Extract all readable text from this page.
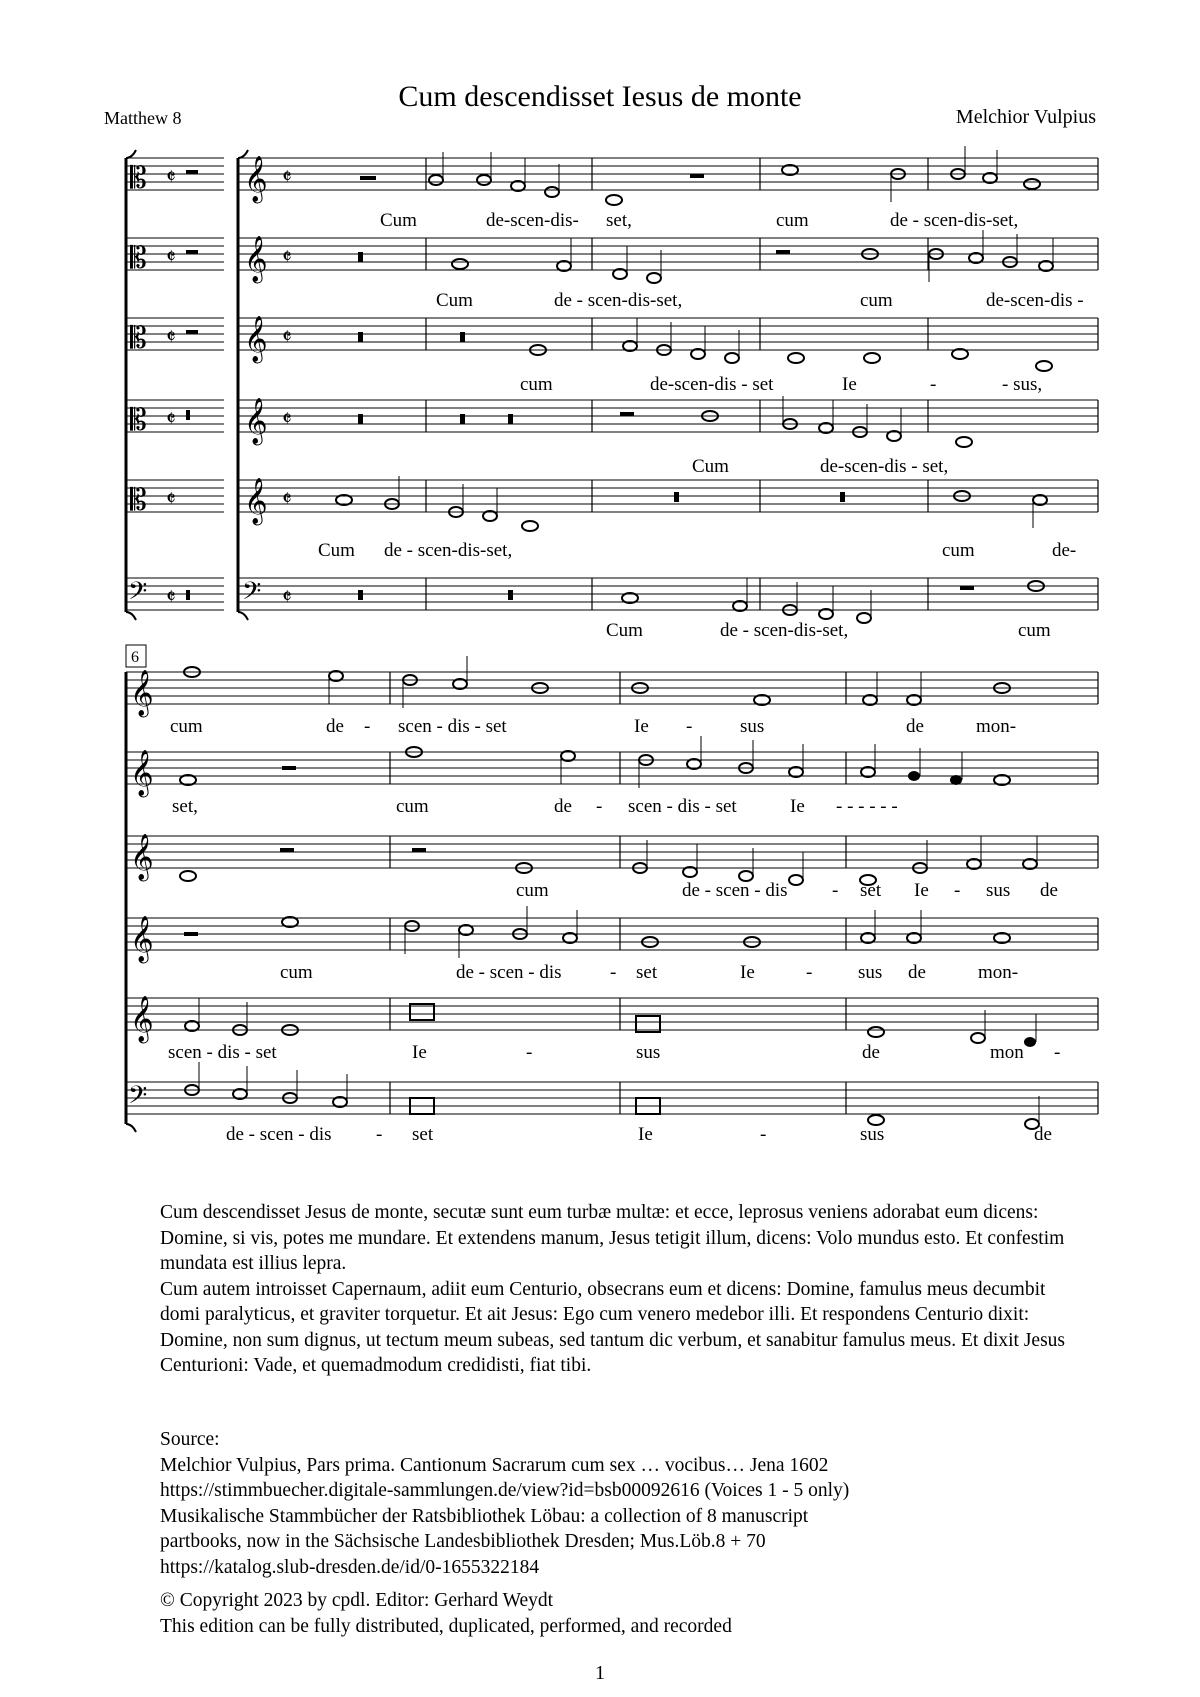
Cum descendisset Iesus de monte
Matthew 8	Melchior Vulpius
𝄡
𝄡
𝄡
𝄡
𝄡
𝄢
𝄞
𝄞
𝄞
𝄞
𝄞
𝄢
𝄵
𝄵
𝄵
𝄵
𝄵
𝄵
𝄵
𝄵
𝄵
𝄵
𝄵
𝄵
Cum	de-scen-dis- set,	cum	de - scen-dis-set,
Cum	de - scen-dis-set,	cum	de-scen-dis -
cum	de-scen-dis - set	Ie	-	- sus,
Cum	de-scen-dis - set,
Cum de - scen-dis-set,	cum	de-
Cum	de - scen-dis-set,	cum
𝄞
𝄞
𝄞
𝄞
𝄞
𝄢
6
cum	de - scen - dis - set	Ie -	sus	de	mon-
set,	cum	de - scen - dis - set	Ie - - - - - -
cum	de - scen - dis - set Ie - sus de
cum	de - scen - dis	- set	Ie	- sus de	mon-
scen - dis - set	Ie	-	sus	de	mon -
de - scen - dis - set	Ie	-	sus	de

Cum descendisset Jesus de monte, secutæ sunt eum turbæ multæ: et ecce, leprosus veniens adorabat eum dicens: Domine, si vis, potes me mundare. Et extendens manum, Jesus tetigit illum, dicens: Volo mundus esto. Et confestim mundata est illius lepra.

Cum autem introisset Capernaum, adiit eum Centurio, obsecrans eum et dicens: Domine, famulus meus decumbit domi paralyticus, et graviter torquetur. Et ait Jesus: Ego cum venero medebor illi. Et respondens Centurio dixit: Domine, non sum dignus, ut tectum meum subeas, sed tantum dic verbum, et sanabitur famulus meus. Et dixit Jesus Centurioni: Vade, et quemadmodum credidisti, fiat tibi.

Source:
Melchior Vulpius, Pars prima. Cantionum Sacrarum cum sex … vocibus… Jena 1602
https://stimmbuecher.digitale-sammlungen.de/view?id=bsb00092616 (Voices 1 - 5 only)
Musikalische Stammbücher der Ratsbibliothek Löbau: a collection of 8 manuscript
partbooks, now in the Sächsische Landesbibliothek Dresden; Mus.Löb.8 + 70
https://katalog.slub-dresden.de/id/0-1655322184
© Copyright 2023 by cpdl. Editor: Gerhard Weydt
This edition can be fully distributed, duplicated, performed, and recorded
1
